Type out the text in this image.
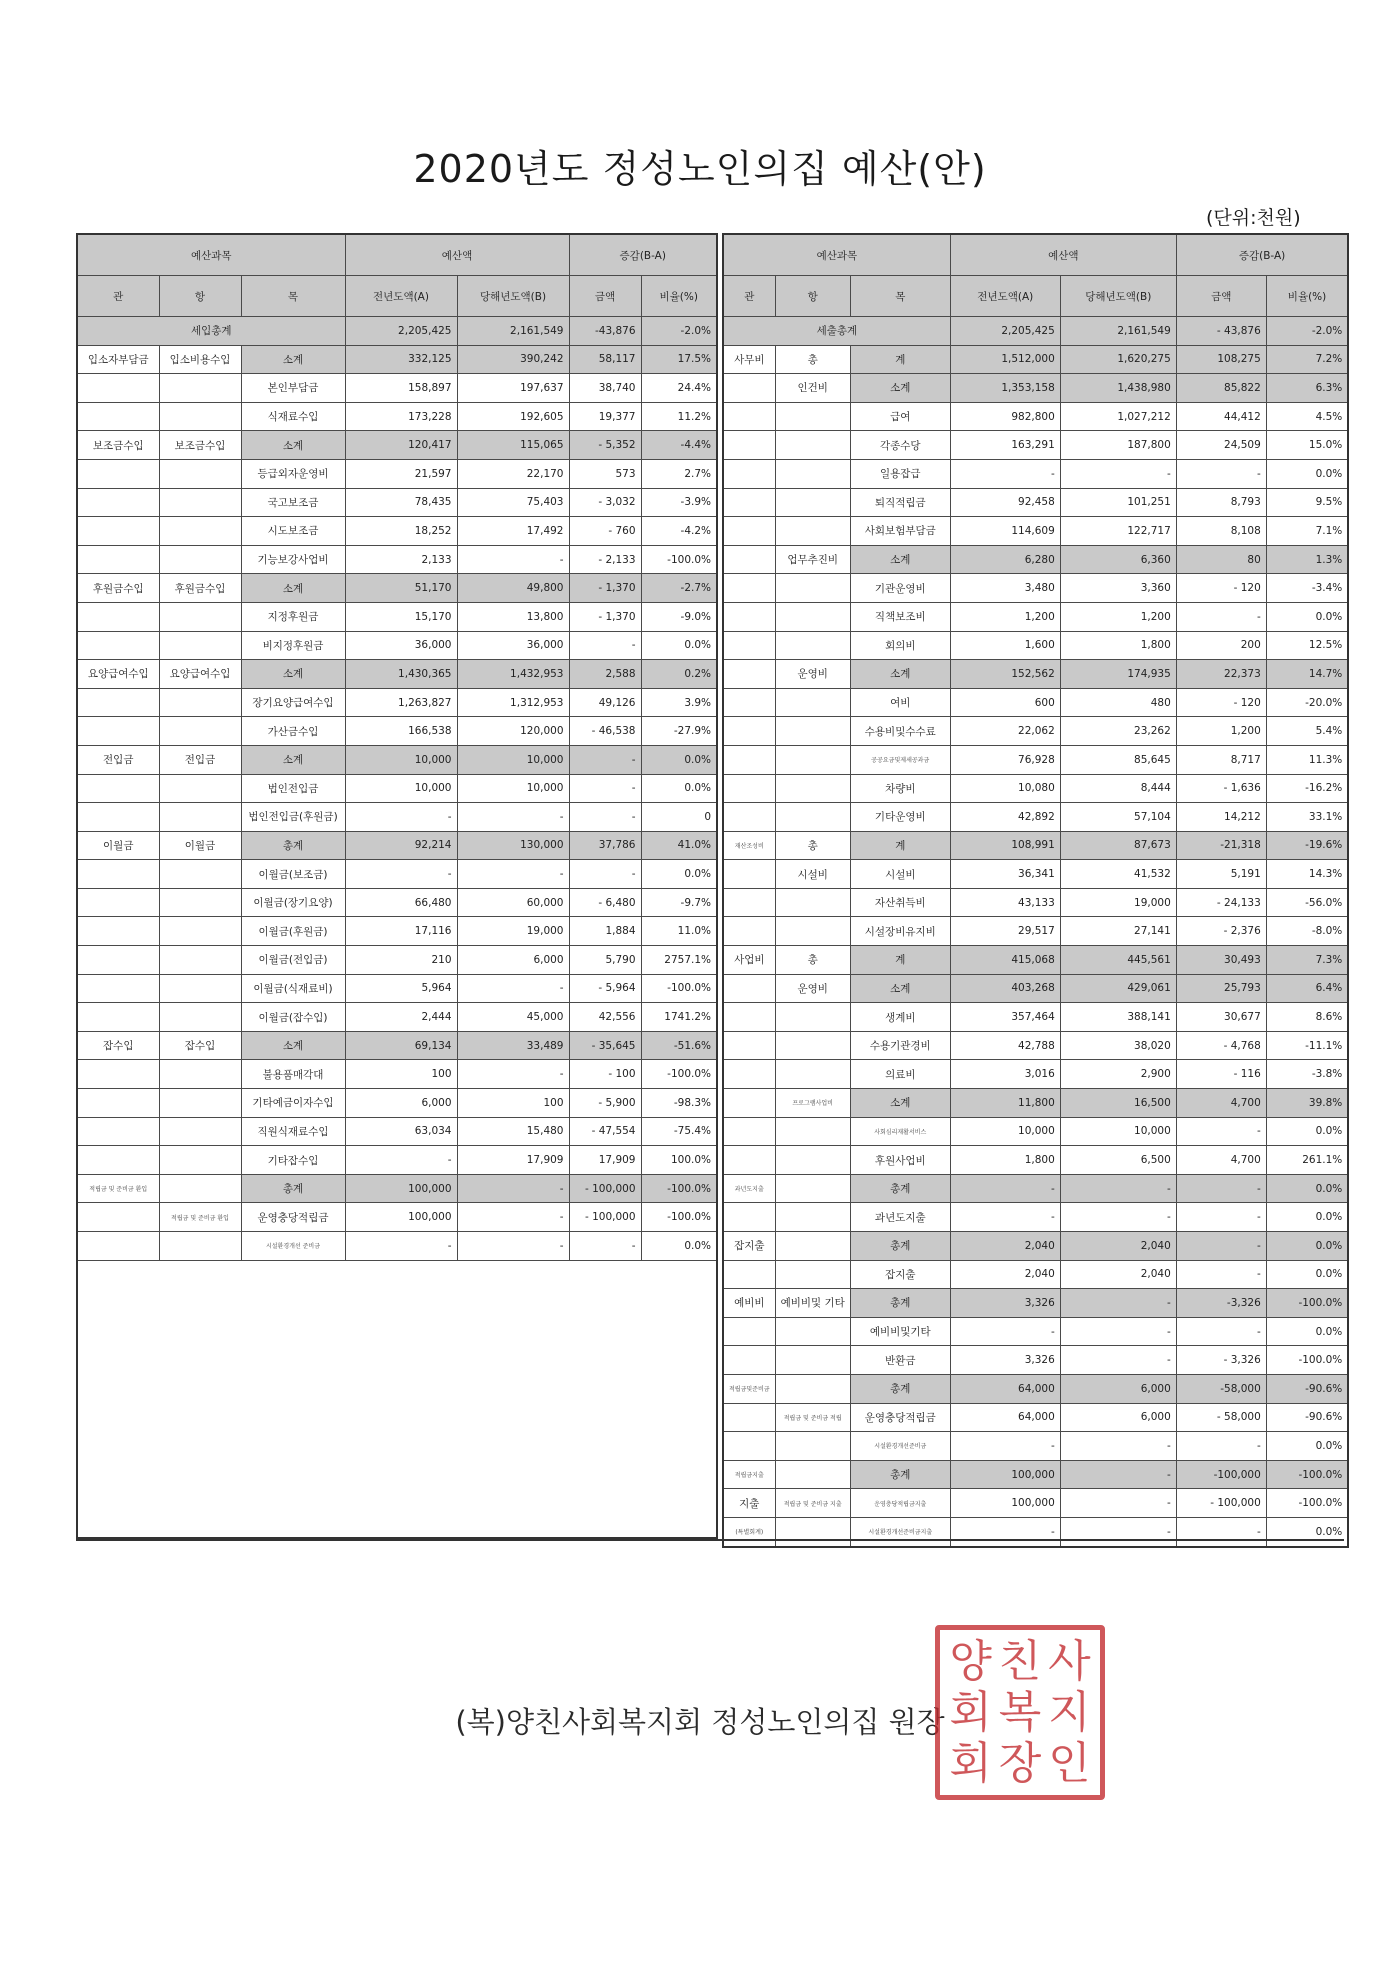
2020년도 정성노인의집 예산(안)
(단위:천원)
예산과목			예산액		증감(B-A)	
관	항	목	전년도액(A)	당해년도액(B)	금액	비율(%)
세입총계			2,205,425	2,161,549	-43,876	-2.0%
입소자부담금	입소비용수입	소계	332,125	390,242	58,117	17.5%
		본인부담금	158,897	197,637	38,740	24.4%
		식재료수입	173,228	192,605	19,377	11.2%
보조금수입	보조금수입	소계	120,417	115,065	- 5,352	-4.4%
		등급외자운영비	21,597	22,170	573	2.7%
		국고보조금	78,435	75,403	- 3,032	-3.9%
		시도보조금	18,252	17,492	- 760	-4.2%
		기능보강사업비	2,133	-	- 2,133	-100.0%
후원금수입	후원금수입	소계	51,170	49,800	- 1,370	-2.7%
		지정후원금	15,170	13,800	- 1,370	-9.0%
		비지정후원금	36,000	36,000	-	0.0%
요양급여수입	요양급여수입	소계	1,430,365	1,432,953	2,588	0.2%
		장기요양급여수입	1,263,827	1,312,953	49,126	3.9%
		가산금수입	166,538	120,000	- 46,538	-27.9%
전입금	전입금	소계	10,000	10,000	-	0.0%
		법인전입금	10,000	10,000	-	0.0%
		법인전입금(후원금)	-	-	-	0
이월금	이월금	총계	92,214	130,000	37,786	41.0%
		이월금(보조금)	-	-	-	0.0%
		이월금(장기요양)	66,480	60,000	- 6,480	-9.7%
		이월금(후원금)	17,116	19,000	1,884	11.0%
		이월금(전입금)	210	6,000	5,790	2757.1%
		이월금(식재료비)	5,964	-	- 5,964	-100.0%
		이월금(잡수입)	2,444	45,000	42,556	1741.2%
잡수입	잡수입	소계	69,134	33,489	- 35,645	-51.6%
		불용품매각대	100	-	- 100	-100.0%
		기타예금이자수입	6,000	100	- 5,900	-98.3%
		직원식재료수입	63,034	15,480	- 47,554	-75.4%
		기타잡수입	-	17,909	17,909	100.0%
적립금 및 준비금 환입		총계	100,000	-	- 100,000	-100.0%
	적립금 및 준비금 환입	운영충당적립금	100,000	-	- 100,000	-100.0%
		시설환경개선 준비금	-	-	-	0.0%

예산과목			예산액		증감(B-A)	
관	항	목	전년도액(A)	당해년도액(B)	금액	비율(%)
세출총계			2,205,425	2,161,549	- 43,876	-2.0%
사무비	총	계	1,512,000	1,620,275	108,275	7.2%
	인건비	소계	1,353,158	1,438,980	85,822	6.3%
		급여	982,800	1,027,212	44,412	4.5%
		각종수당	163,291	187,800	24,509	15.0%
		일용잡급	-	-	-	0.0%
		퇴직적립금	92,458	101,251	8,793	9.5%
		사회보험부담금	114,609	122,717	8,108	7.1%
	업무추진비	소계	6,280	6,360	80	1.3%
		기관운영비	3,480	3,360	- 120	-3.4%
		직책보조비	1,200	1,200	-	0.0%
		회의비	1,600	1,800	200	12.5%
	운영비	소계	152,562	174,935	22,373	14.7%
		여비	600	480	- 120	-20.0%
		수용비및수수료	22,062	23,262	1,200	5.4%
		공공요금및제세공과금	76,928	85,645	8,717	11.3%
		차량비	10,080	8,444	- 1,636	-16.2%
		기타운영비	42,892	57,104	14,212	33.1%
재산조성비	총	계	108,991	87,673	-21,318	-19.6%
	시설비	시설비	36,341	41,532	5,191	14.3%
		자산취득비	43,133	19,000	- 24,133	-56.0%
		시설장비유지비	29,517	27,141	- 2,376	-8.0%
사업비	총	계	415,068	445,561	30,493	7.3%
	운영비	소계	403,268	429,061	25,793	6.4%
		생계비	357,464	388,141	30,677	8.6%
		수용기관경비	42,788	38,020	- 4,768	-11.1%
		의료비	3,016	2,900	- 116	-3.8%
	프로그램사업비	소계	11,800	16,500	4,700	39.8%
		사회심리재활서비스	10,000	10,000	-	0.0%
		후원사업비	1,800	6,500	4,700	261.1%
과년도지출		총계	-	-	-	0.0%
		과년도지출	-	-	-	0.0%
잡지출		총계	2,040	2,040	-	0.0%
		잡지출	2,040	2,040	-	0.0%
예비비	예비비및 기타	총계	3,326	-	-3,326	-100.0%
		예비비및기타	-	-	-	0.0%
		반환금	3,326	-	- 3,326	-100.0%
적립금및준비금		총계	64,000	6,000	-58,000	-90.6%
	적립금 및 준비금 적립	운영충당적립금	64,000	6,000	- 58,000	-90.6%
		시설환경개선준비금	-	-	-	0.0%
적립금지출		총계	100,000	-	-100,000	-100.0%
지출	적립금 및 준비금 지출	운영충당적립금지출	100,000	-	- 100,000	-100.0%
(특별회계)		시설환경개선준비금지출	-	-	-	0.0%
(복)양친사회복지회 정성노인의집 원장
양 친 사
회 복 지
회 장 인
